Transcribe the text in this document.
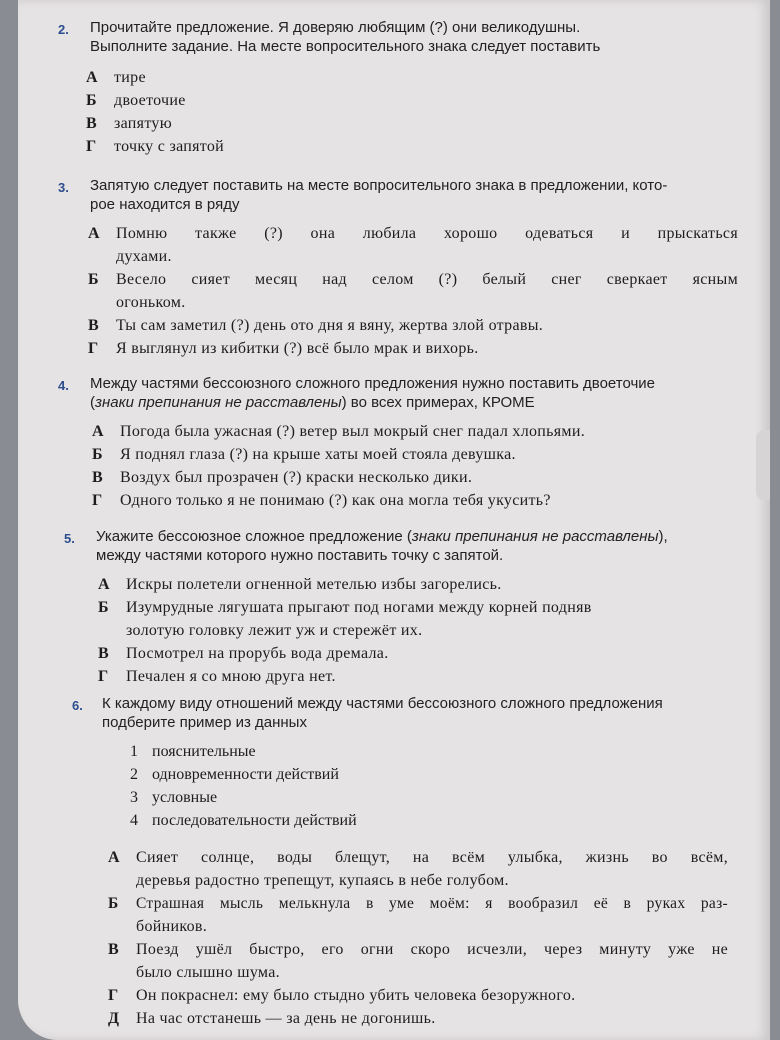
2. Прочитайте предложение. Я доверяю любящим (?) они великодушны.
Выполните задание. На месте вопросительного знака следует поставить
А тире
Б двоеточие
В запятую
Г точку с запятой
3. Запятую следует поставить на месте вопросительного знака в предложении, кото-
рое находится в ряду
А Помню также (?) она любила хорошо одеваться и прыскаться
духами.
Б Весело сияет месяц над селом (?) белый снег сверкает ясным
огоньком.
В Ты сам заметил (?) день ото дня я вяну, жертва злой отравы.
Г Я выглянул из кибитки (?) всё было мрак и вихорь.
4. Между частями бессоюзного сложного предложения нужно поставить двоеточие
(знаки препинания не расставлены) во всех примерах, КРОМЕ
А Погода была ужасная (?) ветер выл мокрый снег падал хлопьями.
Б Я поднял глаза (?) на крыше хаты моей стояла девушка.
В Воздух был прозрачен (?) краски несколько дики.
Г Одного только я не понимаю (?) как она могла тебя укусить?
5. Укажите бессоюзное сложное предложение (знаки препинания не расставлены),
между частями которого нужно поставить точку с запятой.
А Искры полетели огненной метелью избы загорелись.
Б Изумрудные лягушата прыгают под ногами между корней подняв
золотую головку лежит уж и стережёт их.
В Посмотрел на прорубь вода дремала.
Г Печален я со мною друга нет.
6. К каждому виду отношений между частями бессоюзного сложного предложения
подберите пример из данных
1 пояснительные
2 одновременности действий
3 условные
4 последовательности действий
А Сияет солнце, воды блещут, на всём улыбка, жизнь во всём,
деревья радостно трепещут, купаясь в небе голубом.
Б Страшная мысль мелькнула в уме моём: я вообразил её в руках раз-
бойников.
В Поезд ушёл быстро, его огни скоро исчезли, через минуту уже не
было слышно шума.
Г Он покраснел: ему было стыдно убить человека безоружного.
Д На час отстанешь — за день не догонишь.
